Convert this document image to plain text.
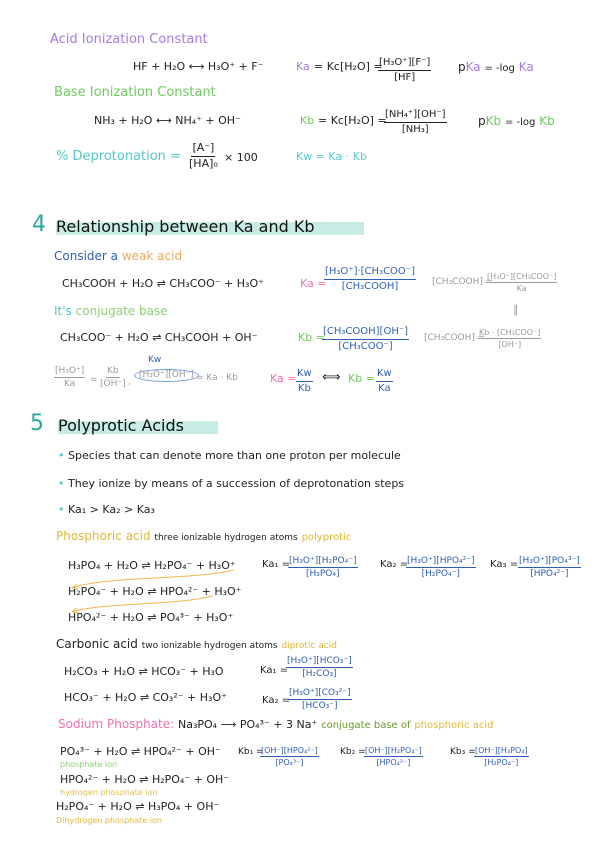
Acid Ionization Constant
HF + H₂O ⟷ H₃O⁺ + F⁻	Ka = Kc[H₂O] =
$\frac{\text{[H₃O⁺][F⁻]}}{[HF]}$ pKa = -log Ka
Base Ionization Constant
NH₃ + H₂O ⟷ NH₄⁺ + OH⁻	Kb = Kc[H₂O] =
$\frac{\text{[NH₄⁺][OH⁻]}}{\text{[NH₃]}}$	pKb = -log Kb
% Deprotonation = $\frac{[A^-]}{\text{[HA]₀}} \times 100$	Kw = Ka · Kb
4 Relationship between Ka and Kb
Consider a weak acid
CH₃COOH + H₂O ⇌ CH₃COO⁻ + H₃O⁺	Ka =
[H₃O⁺]·[CH₃COO⁻]
[CH₃COOH]	[CH₃COOH] =
[H₃O⁺][CH₃COO⁻]
Ka
∥
It's conjugate base
CH₃COO⁻ + H₂O ⇌ CH₃COOH + OH⁻	Kb =
[CH₃COOH][OH⁻]
[CH₃COO⁻]
[CH₃COOH] =
Kb · [CH₃COO⁻]
[OH⁻]
Kw
$\frac{\text{[H₃O⁺]}}{Ka} = \frac{Kb}{[OH^-]}$ ,
[H₃O⁺][OH⁻] = Ka · Kb	$Ka = \frac{Kw}{Kb}$ ⟺ $Kb = \frac{Kw}{Ka}$
5 Polyprotic Acids
• Species that can denote more than one proton per molecule
• They ionize by means of a succession of deprotonation steps
• Ka₁ > Ka₂ > Ka₃
Phosphoric acid three ionizable hydrogen atoms polyprotic
H₃PO₄ + H₂O ⇌ H₂PO₄⁻ + H₃O⁺
H₂PO₄⁻ + H₂O ⇌ HPO₄²⁻ + H₃O⁺
HPO₄²⁻ + H₂O ⇌ PO₄³⁻ + H₃O⁺
Ka₁ =
$\frac{\text{[H₃O⁺][H₂PO₄⁻]}}{\text{[H₃PO₄]}} Ka_2$ =
[H₃O⁺][HPO₄²⁻]
[H₂PO₄⁻]
Ka₃ = [H₃O⁺][PO₄³⁻]
[HPO₄²⁻]
Carbonic acid two ionizable hydrogen atoms diprotic acid
H₂CO₃ + H₂O ⇌ HCO₃⁻ + H₃O
HCO₃⁻ + H₂O ⇌ CO₃²⁻ + H₃O⁺
Ka₁ =
[H₃O⁺][HCO₃⁻]
[H₂CO₃]
Ka₂ =
[H₃O⁺][CO₃²⁻]
[HCO₃⁻]
Sodium Phosphate: Na₃PO₄ ⟶ PO₄³⁻ + 3 Na⁺ conjugate base of phosphoric acid
PO₄³⁻ + H₂O ⇌ HPO₄²⁻ + OH⁻
phosphate ion
HPO₄²⁻ + H₂O ⇌ H₂PO₄⁻ + OH⁻
hydrogen phosphate ion
H₂PO₄⁻ + H₂O ⇌ H₃PO₄ + OH⁻
Dihydrogen phosphate ion
Kb₁ =
[OH⁻][HPO₄²⁻]
[PO₄³⁻]
Kb₂ = [OH⁻][H₂PO₄⁻]
[HPO₄²⁻]
Kb₃ =
$\frac{\text{[OH⁻][H₃PO₄]}}{\text{[H₂PO₄⁻]}}$
